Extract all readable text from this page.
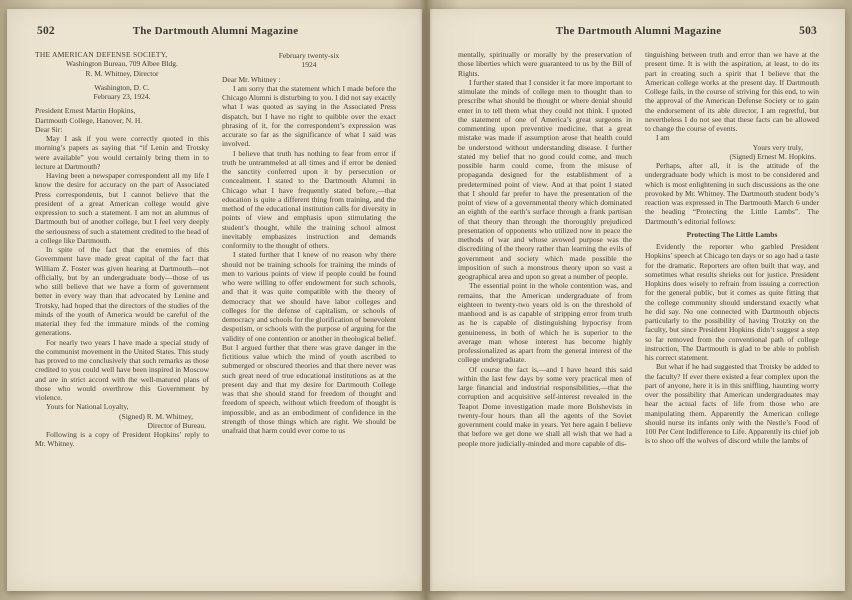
502	The Dartmouth Alumni Magazine
THE AMERICAN DEFENSE SOCIETY,
Washington Bureau, 709 Albee Bldg.
R. M. Whitney, Director
Washington, D. C.
February 23, 1924.
President Ernest Martin Hopkins,
Dartmouth College, Hanover, N. H.
Dear Sir:
May I ask if you were correctly quoted in this morning’s papers as saying that “if Lenin and Trotsky were available” you would certainly bring them in to lecture at Dartmouth?
Having been a newspaper correspondent all my life I know the desire for accuracy on the part of Associated Press correspondents, but I cannot believe that the president of a great American college would give expression to such a statement. I am not an alumnus of Dartmouth but of another college, but I feel very deeply the seriousness of such a statement credited to the head of a college like Dartmouth.
In spite of the fact that the enemies of this Government have made great capital of the fact that William Z. Foster was given hearing at Dartmouth—not officially, but by an undergraduate body—those of us who still believe that we have a form of government better in every way than that advocated by Lenine and Trotsky, had hoped that the directors of the studies of the minds of the youth of America would be careful of the material they fed the immature minds of the coming generations.
For nearly two years I have made a special study of the communist movement in the United States. This study has proved to me conclusively that such remarks as those credited to you could well have been inspired in Moscow and are in strict accord with the well-matured plans of those who would overthrow this Government by violence.
Yours for National Loyalty,
(Signed) R. M. Whitney,
Director of Bureau.
Following is a copy of President Hopkins’ reply to Mr. Whitney.
February twenty-six
1924
Dear Mr. Whitney :
I am sorry that the statement which I made before the Chicago Alumni is disturbing to you. I did not say exactly what I was quoted as saying in the Associated Press dispatch, but I have no right to quibble over the exact phrasing of it, for the correspondent’s expression was accurate so far as the significance of what I said was involved.
I believe that truth has nothing to fear from error if truth be untrammeled at all times and if error be denied the sanctity conferred upon it by persecution or concealment. I stated to the Dartmouth Alumni in Chicago what I have frequently stated before,—that education is quite a different thing from training, and the method of the educational institution calls for diversity in points of view and emphasis upon stimulating the student’s thought, while the training school almost inevitably emphasizes instruction and demands conformity to the thought of others.
I stated further that I knew of no reason why there should not be training schools for training the minds of men to various points of view if people could be found who were willing to offer endowment for such schools, and that it was quite compatible with the theory of democracy that we should have labor colleges and colleges for the defense of capitalism, or schools of democracy and schools for the glorification of benevolent despotism, or schools with the purpose of arguing for the validity of one contention or another in theological belief. But I argued further that there was grave danger in the fictitious value which the mind of youth ascribed to submerged or obscured theories and that there never was such great need of true educational institutions as at the present day and that my desire for Dartmouth College was that she should stand for freedom of thought and freedom of speech, without which freedom of thought is impossible, and as an embodiment of confidence in the strength of those things which are right. We should be unafraid that harm could ever come to us
The Dartmouth Alumni Magazine	503
mentally, spiritually or morally by the preservation of those liberties which were guaranteed to us by the Bill of Rights.
I further stated that I consider it far more important to stimulate the minds of college men to thought than to prescribe what should be thought or where denial should enter in to tell them what they could not think. I quoted the statement of one of America’s great surgeons in commenting upon preventive medicine, that a great mistake was made if assumption arose that health could be understood without understanding disease. I further stated my belief that no good could come, and much possible harm could come, from the misuse of propaganda designed for the establishment of a predetermined point of view. And at that point I stated that I should far prefer to have the presentation of the point of view of a governmental theory which dominated an eighth of the earth’s surface through a frank partisan of that theory than through the thoroughly prejudiced presentation of opponents who utilized now in peace the methods of war and whose avowed purpose was the discrediting of the theory rather than learning the evils of government and society which made possible the imposition of such a monstrous theory upon so vast a geographical area and upon so great a number of people.
The essential point in the whole contention was, and remains, that the American undergraduate of from eighteen to twenty-two years old is on the threshold of manhood and is as capable of stripping error from truth as he is capable of distinguishing hypocrisy from genuineness, in both of which he is superior to the average man whose interest has become highly professionalized as apart from the general interest of the college undergraduate.
Of course the fact is,—and I have heard this said within the last few days by some very practical men of large financial and industrial responsibilities,—that the corruption and acquisitive self-interest revealed in the Teapot Dome investigation made more Bolshevists in twenty-four hours than all the agents of the Soviet government could make in years. Yet here again I believe that before we get done we shall all wish that we had a people more judicially-minded and more capable of dis-
tinguishing between truth and error than we have at the present time. It is with the aspiration, at least, to do its part in creating such a spirit that I believe that the American college works at the present day. If Dartmouth College fails, in the course of striving for this end, to win the approval of the American Defense Society or to gain the endorsement of its able director, I am regretful, but nevertheless I do not see that these facts can be allowed to change the course of events.
I am
Yours very truly,
(Signed) Ernest M. Hopkins.
Perhaps, after all, it is the attitude of the undergraduate body which is most to be considered and which is most enlightening in such discussions as the one provoked by Mr. Whitney. The Dartmouth student body’s reaction was expressed in The Dartmouth March 6 under the heading “Protecting the Little Lambs”. The Dartmouth’s editorial follows:
Protecting The Little Lambs
Evidently the reporter who garbled President Hopkins’ speech at Chicago ten days or so ago had a taste for the dramatic. Reporters are often built that way, and sometimes what results shrieks out for justice. President Hopkins does wisely to refrain from issuing a correction for the general public, but it comes as quite fitting that the college community should understand exactly what he did say. No one connected with Dartmouth objects particularly to the possibility of having Trotzky on the faculty, but since President Hopkins didn’t suggest a step so far removed from the conventional path of college instruction, The Dartmouth is glad to be able to publish his correct statement.
But what if he had suggested that Trotsky be added to the faculty? If ever there existed a fear complex upon the part of anyone, here it is in this sniffling, haunting worry over the possibility that American undergraduates may hear the actual facts of life from those who are manipulating them. Apparently the American college should nurse its infants only with the Nestle’s Food of 100 Per Cent Indifference to Life. Apparently its chief job is to shoo off the wolves of discord while the lambs of
